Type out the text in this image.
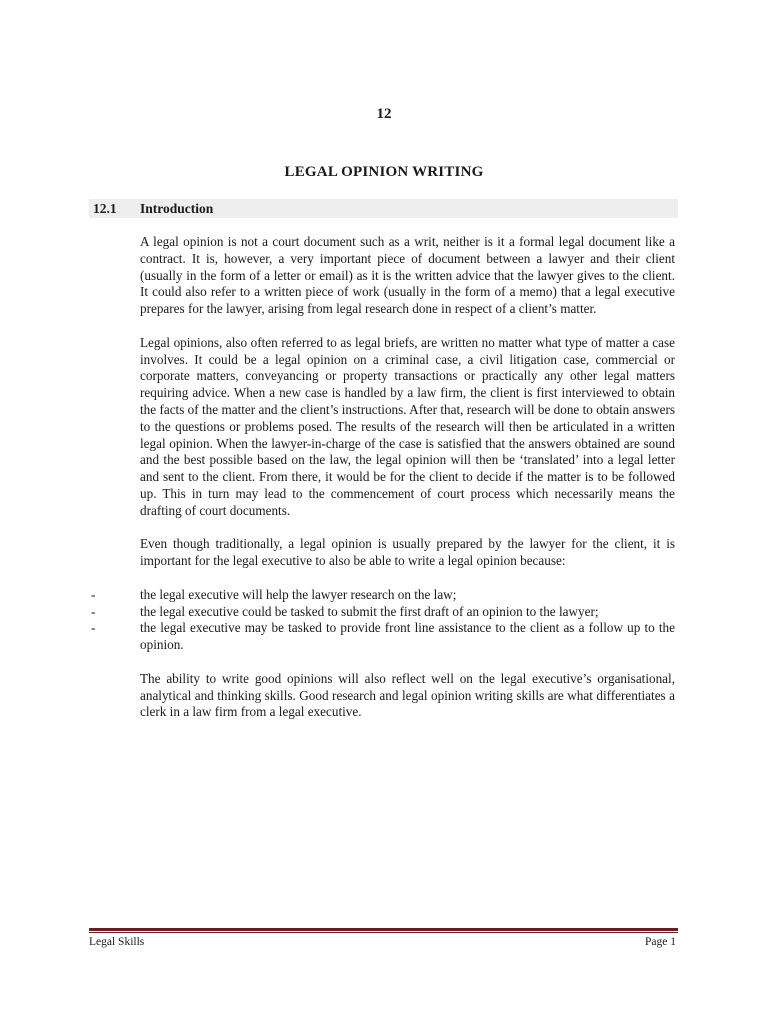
12
LEGAL OPINION WRITING
12.1 Introduction

A legal opinion is not a court document such as a writ, neither is it a formal legal document like a contract. It is, however, a very important piece of document between a lawyer and their client (usually in the form of a letter or email) as it is the written advice that the lawyer gives to the client. It could also refer to a written piece of work (usually in the form of a memo) that a legal executive prepares for the lawyer, arising from legal research done in respect of a client’s matter.

Legal opinions, also often referred to as legal briefs, are written no matter what type of matter a case involves. It could be a legal opinion on a criminal case, a civil litigation case, commercial or corporate matters, conveyancing or property transactions or practically any other legal matters requiring advice. When a new case is handled by a law firm, the client is first interviewed to obtain the facts of the matter and the client’s instructions. After that, research will be done to obtain answers to the questions or problems posed. The results of the research will then be articulated in a written legal opinion. When the lawyer-in-charge of the case is satisfied that the answers obtained are sound and the best possible based on the law, the legal opinion will then be ‘translated’ into a legal letter and sent to the client. From there, it would be for the client to decide if the matter is to be followed up. This in turn may lead to the commencement of court process which necessarily means the drafting of court documents.

Even though traditionally, a legal opinion is usually prepared by the lawyer for the client, it is important for the legal executive to also be able to write a legal opinion because:

-	the legal executive will help the lawyer research on the law;
-	the legal executive could be tasked to submit the first draft of an opinion to the lawyer;
-	the legal executive may be tasked to provide front line assistance to the client as a follow up to the opinion.

The ability to write good opinions will also reflect well on the legal executive’s organisational, analytical and thinking skills. Good research and legal opinion writing skills are what differentiates a clerk in a law firm from a legal executive.

Legal Skills	Page 1
